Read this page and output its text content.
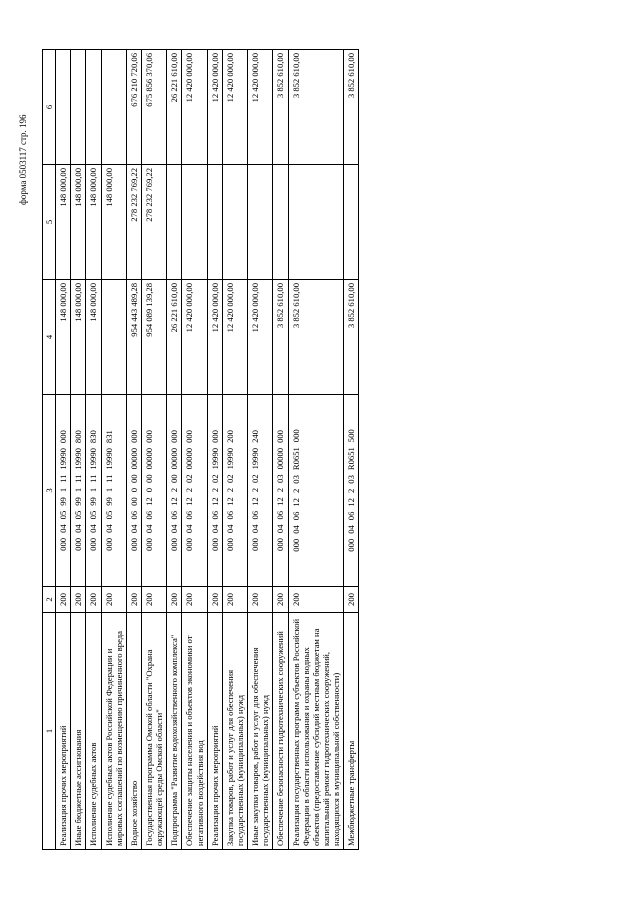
форма 0503117 стр. 196
1	2	3	4	5	6
Реализация прочих мероприятий	200	00004059911119990000	148 000,00	148 000,00	
Иные бюджетные ассигнования	200	00004059911119990800	148 000,00	148 000,00	
Исполнение судебных актов	200	00004059911119990830	148 000,00	148 000,00	
Исполнение судебных актов Российской Федерации и мировых соглашений по возмещению причиненного вреда	200	00004059911119990831		148 000,00	
Водное хозяйство	200	00004060000000000000	954 443 489,28	278 232 769,22	676 210 720,06
Государственная программа Омской области "Охрана окружающей среды Омской области"	200	00004061200000000000	954 089 139,28	278 232 769,22	675 856 370,06
Подпрограмма "Развитие водохозяйственного комплекса"	200	00004061220000000000	26 221 610,00		26 221 610,00
Обеспечение защиты населения и объектов экономики от негативного воздействия вод	200	00004061220200000000	12 420 000,00		12 420 000,00
Реализация прочих мероприятий	200	00004061220219990000	12 420 000,00		12 420 000,00
Закупка товаров, работ и услуг для обеспечения государственных (муниципальных) нужд	200	00004061220219990200	12 420 000,00		12 420 000,00
Иные закупки товаров, работ и услуг для обеспечения государственных (муниципальных) нужд	200	00004061220219990240	12 420 000,00		12 420 000,00
Обеспечение безопасности гидротехнических сооружений	200	00004061220300000000	3 852 610,00		3 852 610,00
Реализация государственных программ субъектов Российской Федерации в области использования и охраны водных объектов (предоставление субсидий местным бюджетам на капитальный ремонт гидротехнических сооружений, находящихся в муниципальной собственности)	200	000040612203R0651000	3 852 610,00		3 852 610,00
Межбюджетные трансферты	200	000040612203R0651500	3 852 610,00		3 852 610,00
